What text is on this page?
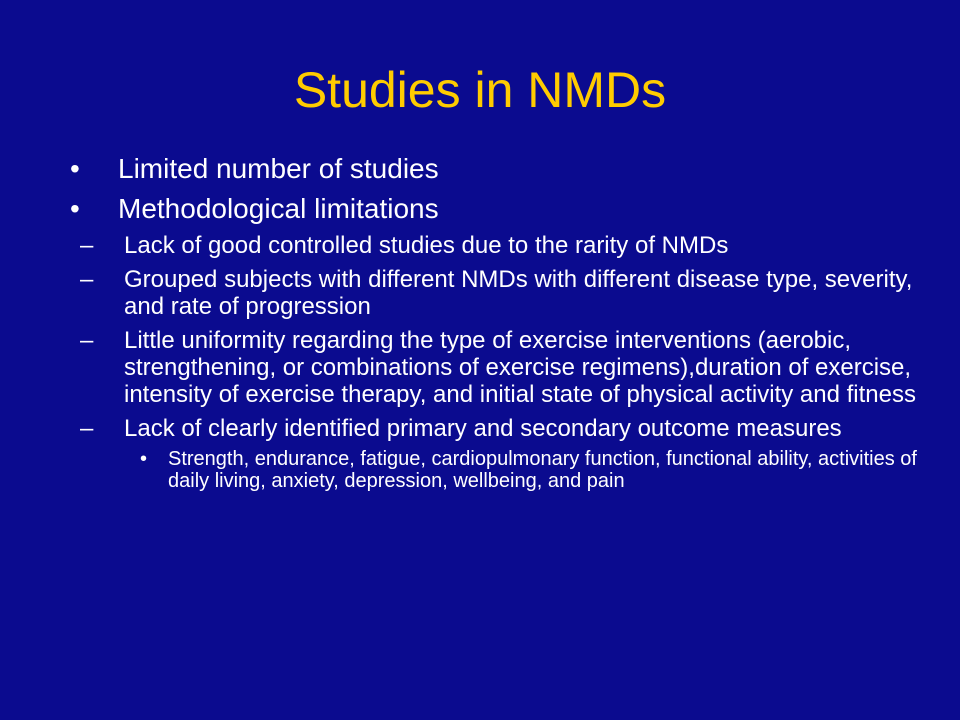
Studies in NMDs
• Limited number of studies
• Methodological limitations
– Lack of good controlled studies due to the rarity of NMDs
– Grouped subjects with different NMDs with different disease type, severity, and rate of progression
– Little uniformity regarding the type of exercise interventions (aerobic, strengthening, or combinations of exercise regimens),duration of exercise, intensity of exercise therapy, and initial state of physical activity and fitness
– Lack of clearly identified primary and secondary outcome measures
• Strength, endurance, fatigue, cardiopulmonary function, functional ability, activities of daily living, anxiety, depression, wellbeing, and pain
